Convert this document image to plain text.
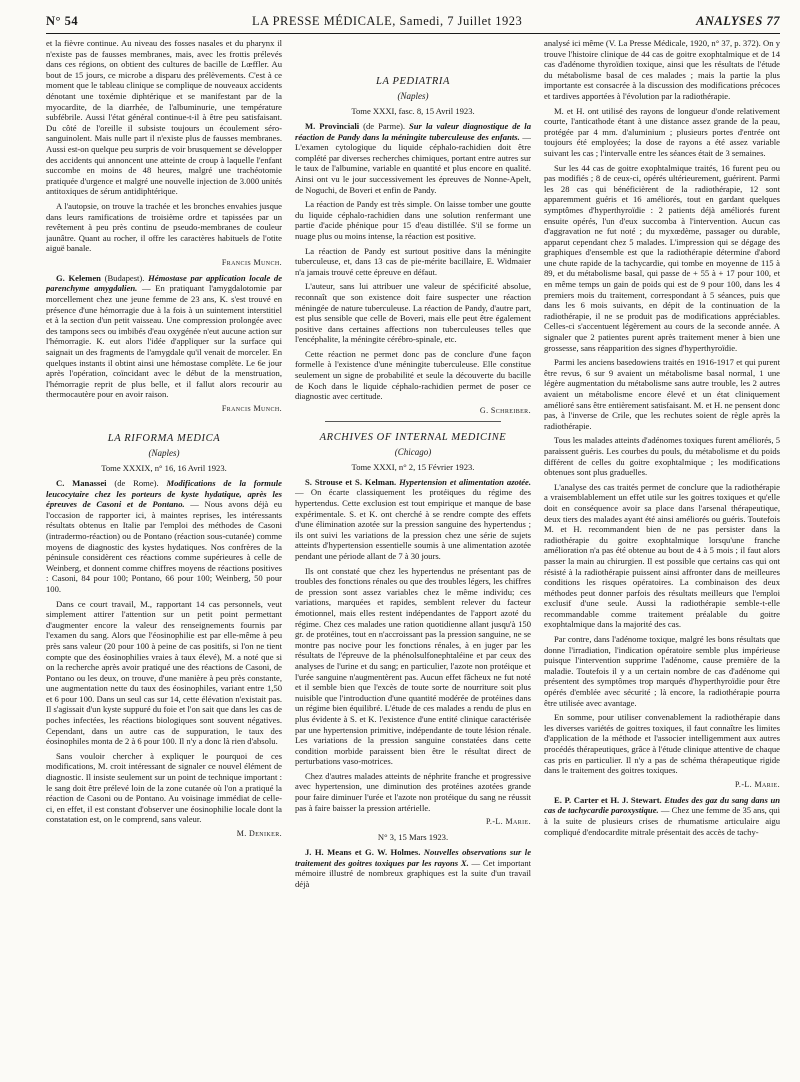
N° 54	LA PRESSE MÉDICALE, Samedi, 7 Juillet 1923	ANALYSES 77

et la fièvre continue. Au niveau des fosses nasales et du pharynx il n'existe pas de fausses membranes, mais, avec les frottis prélevés dans ces régions, on obtient des cultures de bacille de Lœffler. Au bout de 15 jours, ce microbe a disparu des prélèvements. C'est à ce moment que le tableau clinique se complique de nouveaux accidents dénotant une toxémie diphtérique et se manifestant par de la myocardite, de la diarrhée, de l'albuminurie, une température subfébrile. Aussi l'état général continue-t-il à être peu satisfaisant. Du côté de l'oreille il subsiste toujours un écoulement séro-sanguinolent. Mais nulle part il n'existe plus de fausses membranes. Aussi est-on quelque peu surpris de voir brusquement se développer des accidents qui annoncent une atteinte de croup à laquelle l'enfant succombe en moins de 48 heures, malgré une trachéotomie pratiquée d'urgence et malgré une nouvelle injection de 3.000 unités antitoxiques de sérum antidiphtérique.

A l'autopsie, on trouve la trachée et les bronches envahies jusque dans leurs ramifications de troisième ordre et tapissées par un revêtement à peu près continu de pseudo-membranes de couleur jaunâtre. Quant au rocher, il offre les caractères habituels de l'otite aiguë banale.

Francis Munch.

G. Kelemen (Budapest). Hémostase par application locale de parenchyme amygdalien. — En pratiquant l'amygdalotomie par morcellement chez une jeune femme de 23 ans, K. s'est trouvé en présence d'une hémorragie due à la fois à un suintement interstitiel et à la section d'un petit vaisseau. Une compression prolongée avec des tampons secs ou imbibés d'eau oxygénée n'eut aucune action sur l'hémorragie. K. eut alors l'idée d'appliquer sur la surface qui saignait un des fragments de l'amygdale qu'il venait de morceler. En quelques instants il obtint ainsi une hémostase complète. Le 6e jour après l'opération, coïncidant avec le début de la menstruation, l'hémorragie reprit de plus belle, et il fallut alors recourir au thermocautère pour en avoir raison.

Francis Munch.
LA RIFORMA MEDICA
(Naples)
Tome XXXIX, n° 16, 16 Avril 1923.

C. Manassei (de Rome). Modifications de la formule leucocytaire chez les porteurs de kyste hydatique, après les épreuves de Casoni et de Pontano. — Nous avons déjà eu l'occasion de rapporter ici, à maintes reprises, les intéressants résultats obtenus en Italie par l'emploi des méthodes de Casoni (intradermo-réaction) ou de Pontano (réaction sous-cutanée) comme moyens de diagnostic des kystes hydatiques. Nos confrères de la péninsule considèrent ces réactions comme supérieures à celle de Weinberg, et donnent comme chiffres moyens de réactions positives : Casoni, 84 pour 100; Pontano, 66 pour 100; Weinberg, 50 pour 100.

Dans ce court travail, M., rapportant 14 cas personnels, veut simplement attirer l'attention sur un petit point permettant d'augmenter encore la valeur des renseignements fournis par l'examen du sang. Alors que l'éosinophilie est par elle-même à peu près sans valeur (20 pour 100 à peine de cas positifs, si l'on ne tient compte que des éosinophilies vraies à taux élevé), M. a noté que si on la recherche après avoir pratiqué une des réactions de Casoni, de Pontano ou les deux, on trouve, d'une manière à peu près constante, une augmentation nette du taux des éosinophiles, variant entre 1,50 et 6 pour 100. Dans un seul cas sur 14, cette élévation n'existait pas. Il s'agissait d'un kyste suppuré du foie et l'on sait que dans les cas de poches infectées, les réactions biologiques sont souvent négatives. Cependant, dans un autre cas de suppuration, le taux des éosinophiles monta de 2 à 6 pour 100. Il n'y a donc là rien d'absolu.

Sans vouloir chercher à expliquer le pourquoi de ces modifications, M. croit intéressant de signaler ce nouvel élément de diagnostic. Il insiste seulement sur un point de technique important : le sang doit être prélevé loin de la zone cutanée où l'on a pratiqué la réaction de Casoni ou de Pontano. Au voisinage immédiat de celle-ci, en effet, il est constant d'observer une éosinophilie locale dont la constatation est, on le comprend, sans valeur.

M. Deniker.
LA PEDIATRIA
(Naples)
Tome XXXI, fasc. 8, 15 Avril 1923.

M. Provinciali (de Parme). Sur la valeur diagnostique de la réaction de Pandy dans la méningite tuberculeuse des enfants. — L'examen cytologique du liquide céphalo-rachidien doit être complété par diverses recherches chimiques, portant entre autres sur le taux de l'albumine, variable en quantité et plus encore en qualité. Ainsi ont vu le jour successivement les épreuves de Nonne-Apelt, de Noguchi, de Boveri et enfin de Pandy.

La réaction de Pandy est très simple. On laisse tomber une goutte du liquide céphalo-rachidien dans une solution renfermant une partie d'acide phénique pour 15 d'eau distillée. S'il se forme un nuage plus ou moins intense, la réaction est positive.

La réaction de Pandy est surtout positive dans la méningite tuberculeuse, et, dans 13 cas de pie-mérite bacillaire, E. Widmaier n'a jamais trouvé cette épreuve en défaut.

L'auteur, sans lui attribuer une valeur de spécificité absolue, reconnaît que son existence doit faire suspecter une réaction méningée de nature tuberculeuse. La réaction de Pandy, d'autre part, est plus sensible que celle de Boveri, mais elle peut être également positive dans certaines affections non tuberculeuses telles que l'encéphalite, la méningite cérébro-spinale, etc.

Cette réaction ne permet donc pas de conclure d'une façon formelle à l'existence d'une méningite tuberculeuse. Elle constitue seulement un signe de probabilité et seule la découverte du bacille de Koch dans le liquide céphalo-rachidien permet de poser ce diagnostic avec certitude.

G. Schreiber.
ARCHIVES OF INTERNAL MEDICINE
(Chicago)
Tome XXXI, n° 2, 15 Février 1923.

S. Strouse et S. Kelman. Hypertension et alimentation azotée. — On écarte classiquement les protéiques du régime des hypertendus. Cette exclusion est tout empirique et manque de base expérimentale. S. et K. ont cherché à se rendre compte des effets d'une élimination azotée sur la pression sanguine des hypertendus ; ils ont suivi les variations de la pression chez une série de sujets atteints d'hypertension essentielle soumis à une alimentation azotée pendant une période allant de 7 à 30 jours.

Ils ont constaté que chez les hypertendus ne présentant pas de troubles des fonctions rénales ou que des troubles légers, les chiffres de pression sont assez variables chez le même individu; ces variations, marquées et rapides, semblent relever du facteur émotionnel, mais elles restent indépendantes de l'apport azoté du régime. Chez ces malades une ration quotidienne allant jusqu'à 150 gr. de protéines, tout en n'accroissant pas la pression sanguine, ne se montre pas nocive pour les fonctions rénales, à en juger par les résultats de l'épreuve de la phénolsulfonephtaléine et par ceux des analyses de l'urine et du sang; en particulier, l'azote non protéique et l'urée sanguine n'augmentèrent pas. Aucun effet fâcheux ne fut noté et il semble bien que l'excès de toute sorte de nourriture soit plus nuisible que l'introduction d'une quantité modérée de protéines dans un régime bien équilibré. L'étude de ces malades a rendu de plus en plus évidente à S. et K. l'existence d'une entité clinique caractérisée par une hypertension primitive, indépendante de toute lésion rénale. Les variations de la pression sanguine constatées dans cette condition morbide paraissent bien être le résultat direct de perturbations vaso-motrices.

Chez d'autres malades atteints de néphrite franche et progressive avec hypertension, une diminution des protéines azotées grande pour faire diminuer l'urée et l'azote non protéique du sang ne réussit pas à faire baisser la pression artérielle.

P.-L. Marie.
N° 3, 15 Mars 1923.

J. H. Means et G. W. Holmes. Nouvelles observations sur le traitement des goitres toxiques par les rayons X. — Cet important mémoire illustré de nombreux graphiques est la suite d'un travail déjà

analysé ici même (V. La Presse Médicale, 1920, n° 37, p. 372). On y trouve l'histoire clinique de 44 cas de goitre exophtalmique et de 14 cas d'adénome thyroïdien toxique, ainsi que les résultats de l'étude du métabolisme basal de ces malades ; mais la partie la plus importante est consacrée à la discussion des modifications précoces et tardives apportées à l'évolution par la radiothérapie.

M. et H. ont utilisé des rayons de longueur d'onde relativement courte, l'anticathode étant à une distance assez grande de la peau, protégée par 4 mm. d'aluminium ; plusieurs portes d'entrée ont toujours été employées; la dose de rayons a été assez variable suivant les cas ; l'intervalle entre les séances était de 3 semaines.

Sur les 44 cas de goitre exophtalmique traités, 16 furent peu ou pas modifiés ; 8 de ceux-ci, opérés ultérieurement, guérirent. Parmi les 28 cas qui bénéficièrent de la radiothérapie, 12 sont apparemment guéris et 16 améliorés, tout en gardant quelques symptômes d'hyperthyroïdie : 2 patients déjà améliorés furent ensuite opérés, l'un d'eux succomba à l'intervention. Aucun cas d'aggravation ne fut noté ; du myxœdème, passager ou durable, apparut cependant chez 5 malades. L'impression qui se dégage des graphiques d'ensemble est que la radiothérapie détermine d'abord une chute rapide de la tachycardie, qui tombe en moyenne de 115 à 89, et du métabolisme basal, qui passe de + 55 à + 17 pour 100, et en même temps un gain de poids qui est de 9 pour 100, dans les 4 premiers mois du traitement, correspondant à 5 séances, puis que dans les 6 mois suivants, en dépit de la continuation de la radiothérapie, il ne se produit pas de modifications appréciables. Celles-ci s'accentuent légèrement au cours de la seconde année. A signaler que 2 patientes purent après traitement mener à bien une grossesse, sans réapparition des signes d'hyperthyroïdie.

Parmi les anciens basedowiens traités en 1916-1917 et qui purent être revus, 6 sur 9 avaient un métabolisme basal normal, 1 une légère augmentation du métabolisme sans autre trouble, les 2 autres avaient un métabolisme encore élevé et un état cliniquement amélioré sans être entièrement satisfaisant. M. et H. ne pensent donc pas, à l'inverse de Crile, que les rechutes soient de règle après la radiothérapie.

Tous les malades atteints d'adénomes toxiques furent améliorés, 5 paraissent guéris. Les courbes du pouls, du métabolisme et du poids différent de celles du goitre exophtalmique ; les modifications obtenues sont plus graduelles.

L'analyse des cas traités permet de conclure que la radiothérapie a vraisemblablement un effet utile sur les goitres toxiques et qu'elle doit en conséquence avoir sa place dans l'arsenal thérapeutique, deux tiers des malades ayant été ainsi améliorés ou guéris. Toutefois M. et H. recommandent bien de ne pas persister dans la radiothérapie du goitre exophtalmique lorsqu'une franche amélioration n'a pas été obtenue au bout de 4 à 5 mois ; il faut alors passer la main au chirurgien. Il est possible que certains cas qui ont résisté à la radiothérapie puissent ainsi affronter dans de meilleures conditions les risques opératoires. La combinaison des deux méthodes peut donner parfois des résultats meilleurs que l'emploi exclusif d'une seule. Aussi la radiothérapie semble-t-elle recommandable comme traitement préalable du goitre exophtalmique dans la majorité des cas.

Par contre, dans l'adénome toxique, malgré les bons résultats que donne l'irradiation, l'indication opératoire semble plus impérieuse puisque l'intervention supprime l'adénome, cause première de la maladie. Toutefois il y a un certain nombre de cas d'adénome qui présentent des symptômes trop marqués d'hyperthyroïdie pour être opérés d'emblée avec sécurité ; là encore, la radiothérapie pourra être utilisée avec avantage.

En somme, pour utiliser convenablement la radiothérapie dans les diverses variétés de goitres toxiques, il faut connaître les limites d'application de la méthode et l'associer intelligemment aux autres procédés thérapeutiques, grâce à l'étude clinique attentive de chaque cas pris en particulier. Il n'y a pas de schéma thérapeutique rigide dans le traitement des goitres toxiques.

P.-L. Marie.

E. P. Carter et H. J. Stewart. Etudes des gaz du sang dans un cas de tachycardie paroxystique. — Chez une femme de 35 ans, qui à la suite de plusieurs crises de rhumatisme articulaire aigu compliqué d'endocardite mitrale présentait des accès de tachy-
